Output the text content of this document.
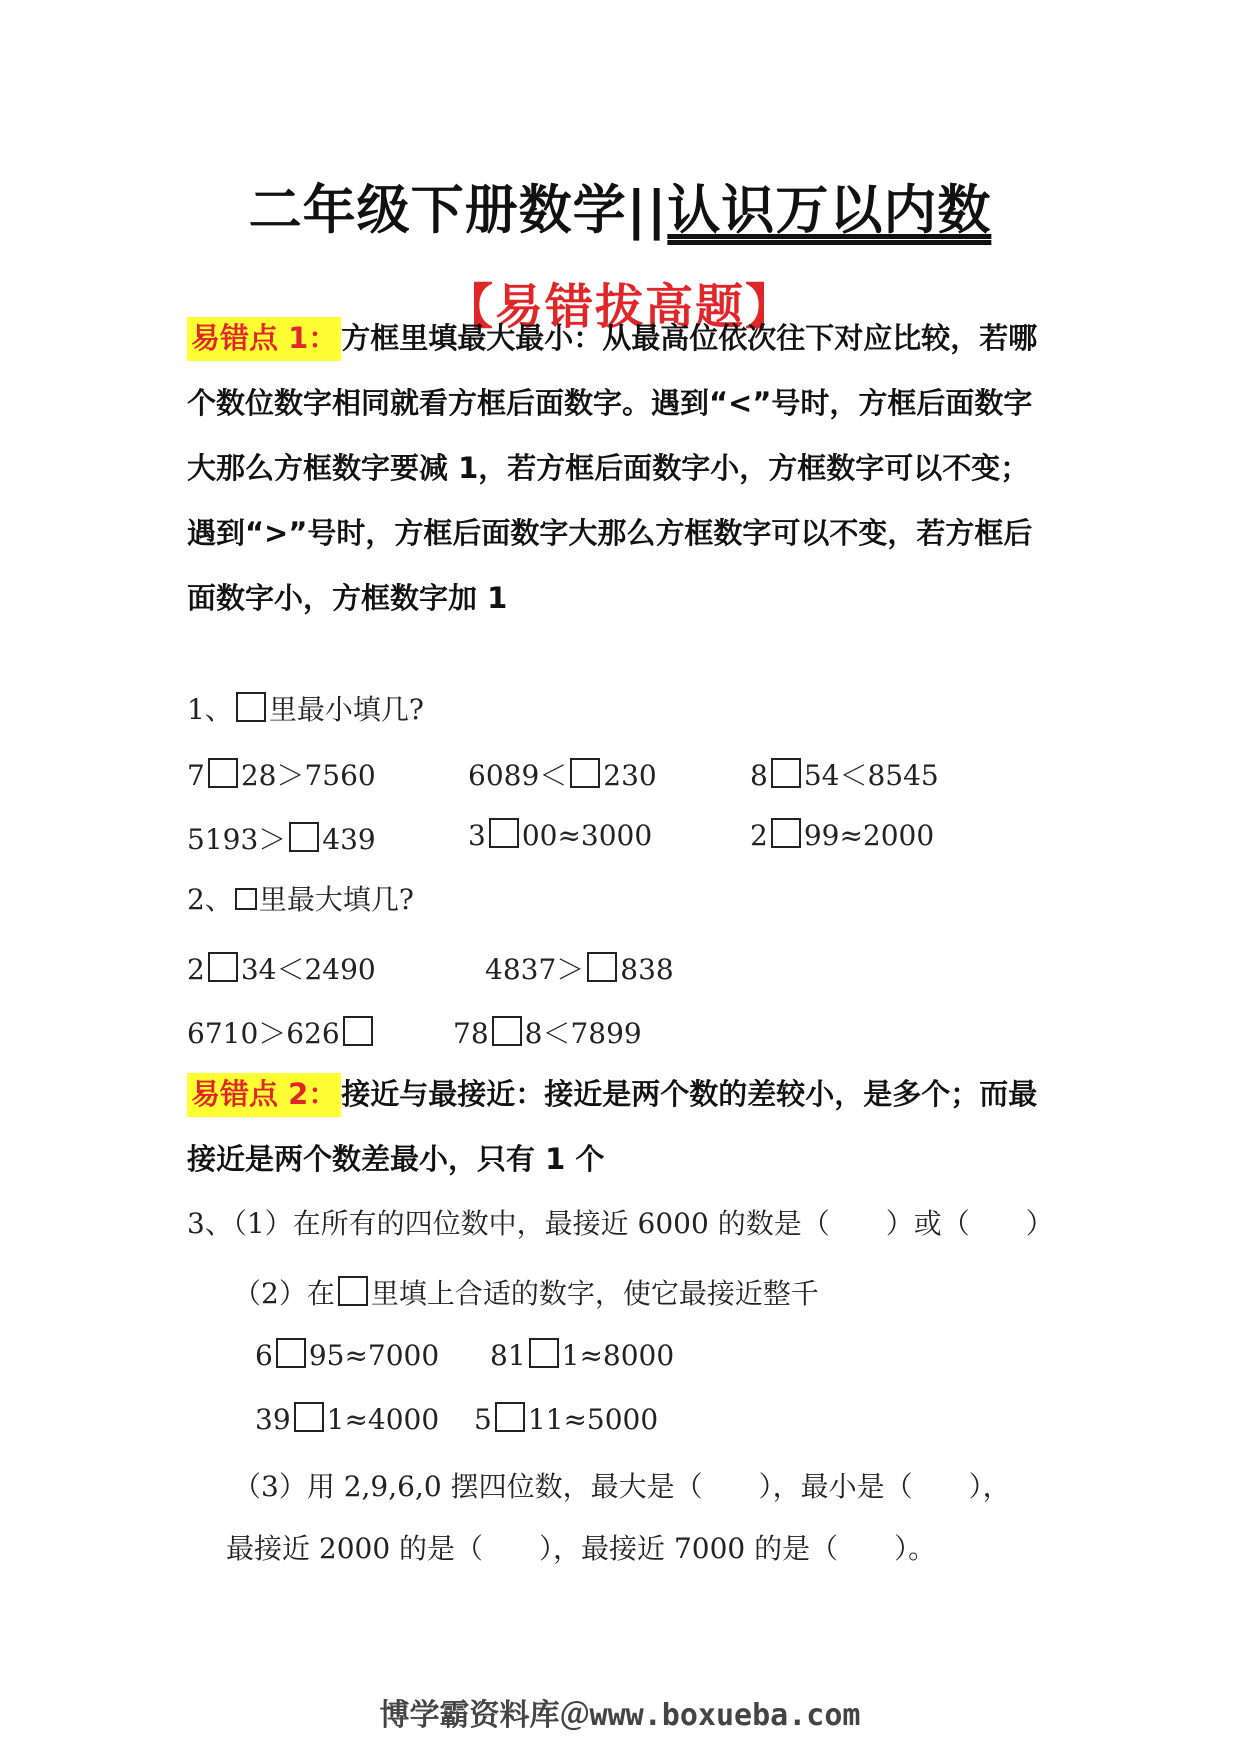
二年级下册数学||认识万以内数
【易错拔高题】
易错点 1： 方框里填最大最小：从最高位依次往下对应比较，若哪个数位数字相同就看方框后面数字。遇到“<”号时，方框后面数字大那么方框数字要减 1，若方框后面数字小，方框数字可以不变；遇到“>”号时，方框后面数字大那么方框数字可以不变，若方框后面数字小，方框数字加 1
1、 里最小填几?
7 28＞7560	6089＜ 230	8 54＜8545
5193＞ 439	3 00≈3000	2 99≈2000
2、 里最大填几?
2 34＜2490	4837＞ 838
6710＞626	78 8＜7899
易错点 2： 接近与最接近：接近是两个数的差较小，是多个；而最接近是两个数差最小，只有 1 个
3、（1）在所有的四位数中，最接近 6000 的数是（　　）或（　　）
（2）在 里填上合适的数字，使它最接近整千
6 95≈7000 81 1≈8000
39 1≈4000 5 11≈5000
（3）用 2,9,6,0 摆四位数，最大是（　　），最小是（　　），
最接近 2000 的是（　　），最接近 7000 的是（　　）。
博学霸资料库＠www.boxueba.com
